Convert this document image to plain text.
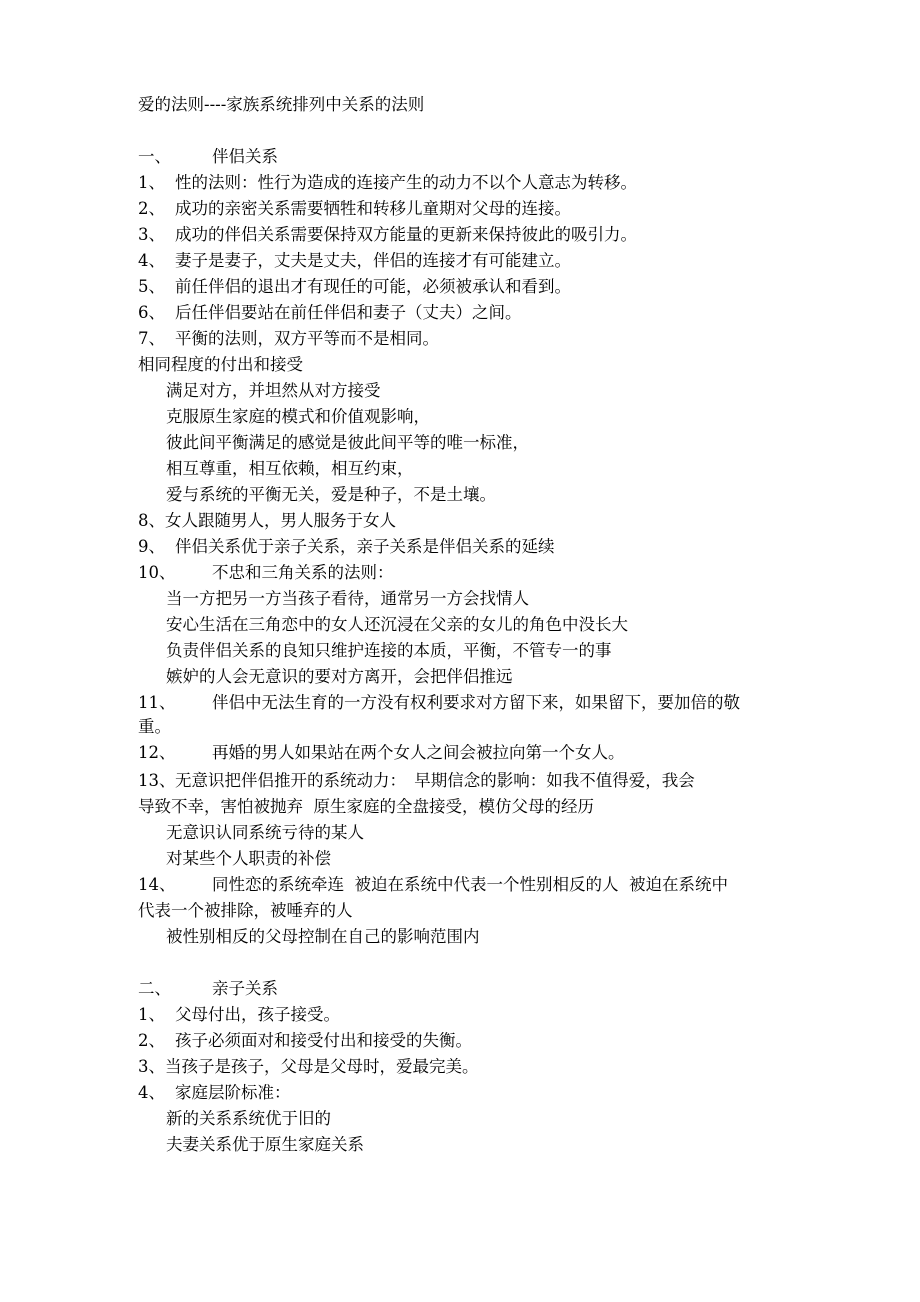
爱的法则----家族系统排列中关系的法则
一、 伴侣关系
1、 性的法则：性行为造成的连接产生的动力不以个人意志为转移。
2、 成功的亲密关系需要牺牲和转移儿童期对父母的连接。
3、 成功的伴侣关系需要保持双方能量的更新来保持彼此的吸引力。
4、 妻子是妻子，丈夫是丈夫，伴侣的连接才有可能建立。
5、 前任伴侣的退出才有现任的可能，必须被承认和看到。
6、 后任伴侣要站在前任伴侣和妻子（丈夫）之间。
7、 平衡的法则，双方平等而不是相同。
相同程度的付出和接受
满足对方，并坦然从对方接受
克服原生家庭的模式和价值观影响，
彼此间平衡满足的感觉是彼此间平等的唯一标准，
相互尊重，相互依赖，相互约束，
爱与系统的平衡无关，爱是种子，不是土壤。
8、女人跟随男人，男人服务于女人
9、 伴侣关系优于亲子关系，亲子关系是伴侣关系的延续
10、 不忠和三角关系的法则：
当一方把另一方当孩子看待，通常另一方会找情人
安心生活在三角恋中的女人还沉浸在父亲的女儿的角色中没长大
负责伴侣关系的良知只维护连接的本质，平衡，不管专一的事
嫉妒的人会无意识的要对方离开，会把伴侣推远
11、 伴侣中无法生育的一方没有权利要求对方留下来，如果留下，要加倍的敬
重。
12、 再婚的男人如果站在两个女人之间会被拉向第一个女人。
13、无意识把伴侣推开的系统动力：　早期信念的影响：如我不值得爱，我会
导致不幸，害怕被抛弃  原生家庭的全盘接受，模仿父母的经历
无意识认同系统亏待的某人
对某些个人职责的补偿
14、 同性恋的系统牵连  被迫在系统中代表一个性别相反的人  被迫在系统中
代表一个被排除，被唾弃的人
被性别相反的父母控制在自己的影响范围内
二、 亲子关系
1、 父母付出，孩子接受。
2、 孩子必须面对和接受付出和接受的失衡。
3、当孩子是孩子，父母是父母时，爱最完美。
4、 家庭层阶标准：
新的关系系统优于旧的
夫妻关系优于原生家庭关系
